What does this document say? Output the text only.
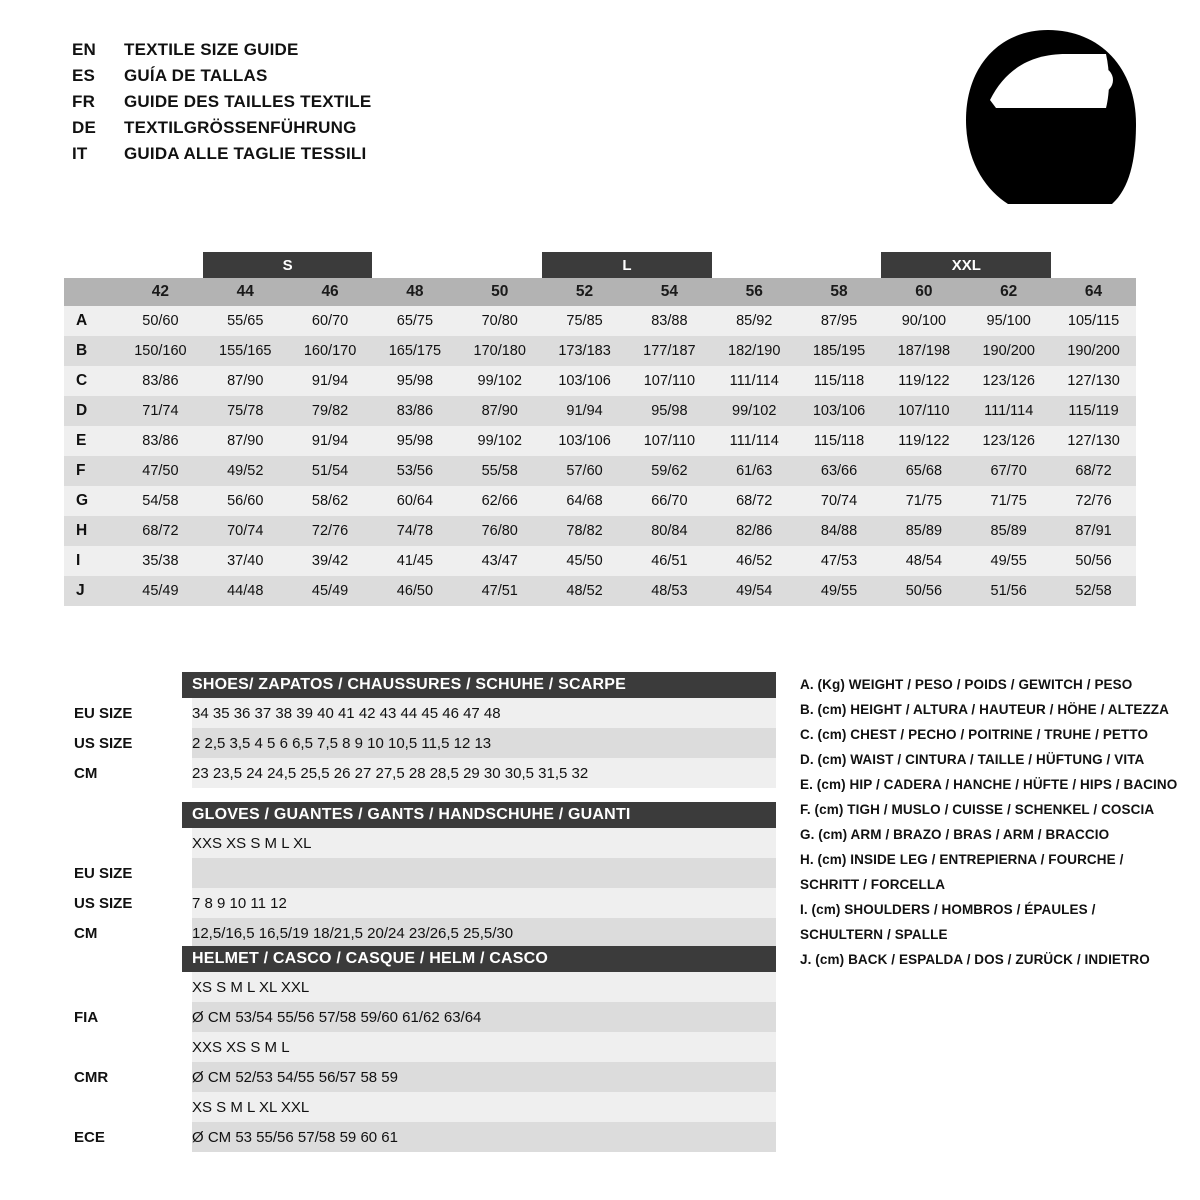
EN	TEXTILE SIZE GUIDE
ES	GUÍA DE TALLAS
FR	GUIDE DES TAILLES TEXTILE
DE	TEXTILGRÖSSENFÜHRUNG
IT	GUIDA ALLE TAGLIE TESSILI
		S		M		L		XL		XXL		
	42	44	46	48	50	52	54	56	58	60	62	64
A	50/60	55/65	60/70	65/75	70/80	75/85	83/88	85/92	87/95	90/100	95/100	105/115
B	150/160	155/165	160/170	165/175	170/180	173/183	177/187	182/190	185/195	187/198	190/200	190/200
C	83/86	87/90	91/94	95/98	99/102	103/106	107/110	111/114	115/118	119/122	123/126	127/130
D	71/74	75/78	79/82	83/86	87/90	91/94	95/98	99/102	103/106	107/110	111/114	115/119
E	83/86	87/90	91/94	95/98	99/102	103/106	107/110	111/114	115/118	119/122	123/126	127/130
F	47/50	49/52	51/54	53/56	55/58	57/60	59/62	61/63	63/66	65/68	67/70	68/72
G	54/58	56/60	58/62	60/64	62/66	64/68	66/70	68/72	70/74	71/75	71/75	72/76
H	68/72	70/74	72/76	74/78	76/80	78/82	80/84	82/86	84/88	85/89	85/89	87/91
I	35/38	37/40	39/42	41/45	43/47	45/50	46/51	46/52	47/53	48/54	49/55	50/56
J	45/49	44/48	45/49	46/50	47/51	48/52	48/53	49/54	49/55	50/56	51/56	52/58
SHOES/ ZAPATOS / CHAUSSURES / SCHUHE / SCARPE
EU SIZE	34 35 36 37 38 39 40 41 42 43 44 45 46 47 48
US SIZE	2 2,5 3,5 4 5 6 6,5 7,5 8 9 10 10,5 11,5 12 13
CM	23 23,5 24 24,5 25,5 26 27 27,5 28 28,5 29 30 30,5 31,5 32
GLOVES / GUANTES / GANTS / HANDSCHUHE / GUANTI
	XXS XS S M L XL
EU SIZE	
US SIZE	7 8 9 10 11 12
CM	12,5/16,5 16,5/19 18/21,5 20/24 23/26,5 25,5/30
HELMET / CASCO / CASQUE / HELM / CASCO
	XS S M L XL XXL
FIA	Ø CM 53/54 55/56 57/58 59/60 61/62 63/64
	XXS XS S M L
CMR	Ø CM 52/53 54/55 56/57 58 59
	XS S M L XL XXL
ECE	Ø CM 53 55/56 57/58 59 60 61
A. (Kg) WEIGHT / PESO / POIDS / GEWITCH / PESO
B. (cm) HEIGHT / ALTURA / HAUTEUR / HÖHE / ALTEZZA
C. (cm) CHEST / PECHO / POITRINE / TRUHE / PETTO
D. (cm) WAIST / CINTURA / TAILLE / HÜFTUNG / VITA
E. (cm) HIP / CADERA / HANCHE / HÜFTE / HIPS / BACINO
F. (cm) TIGH / MUSLO / CUISSE / SCHENKEL / COSCIA
G. (cm) ARM / BRAZO / BRAS / ARM / BRACCIO
H. (cm) INSIDE LEG / ENTREPIERNA / FOURCHE /
SCHRITT / FORCELLA
I. (cm) SHOULDERS / HOMBROS / ÉPAULES /
SCHULTERN / SPALLE
J. (cm) BACK / ESPALDA / DOS / ZURÜCK / INDIETRO
